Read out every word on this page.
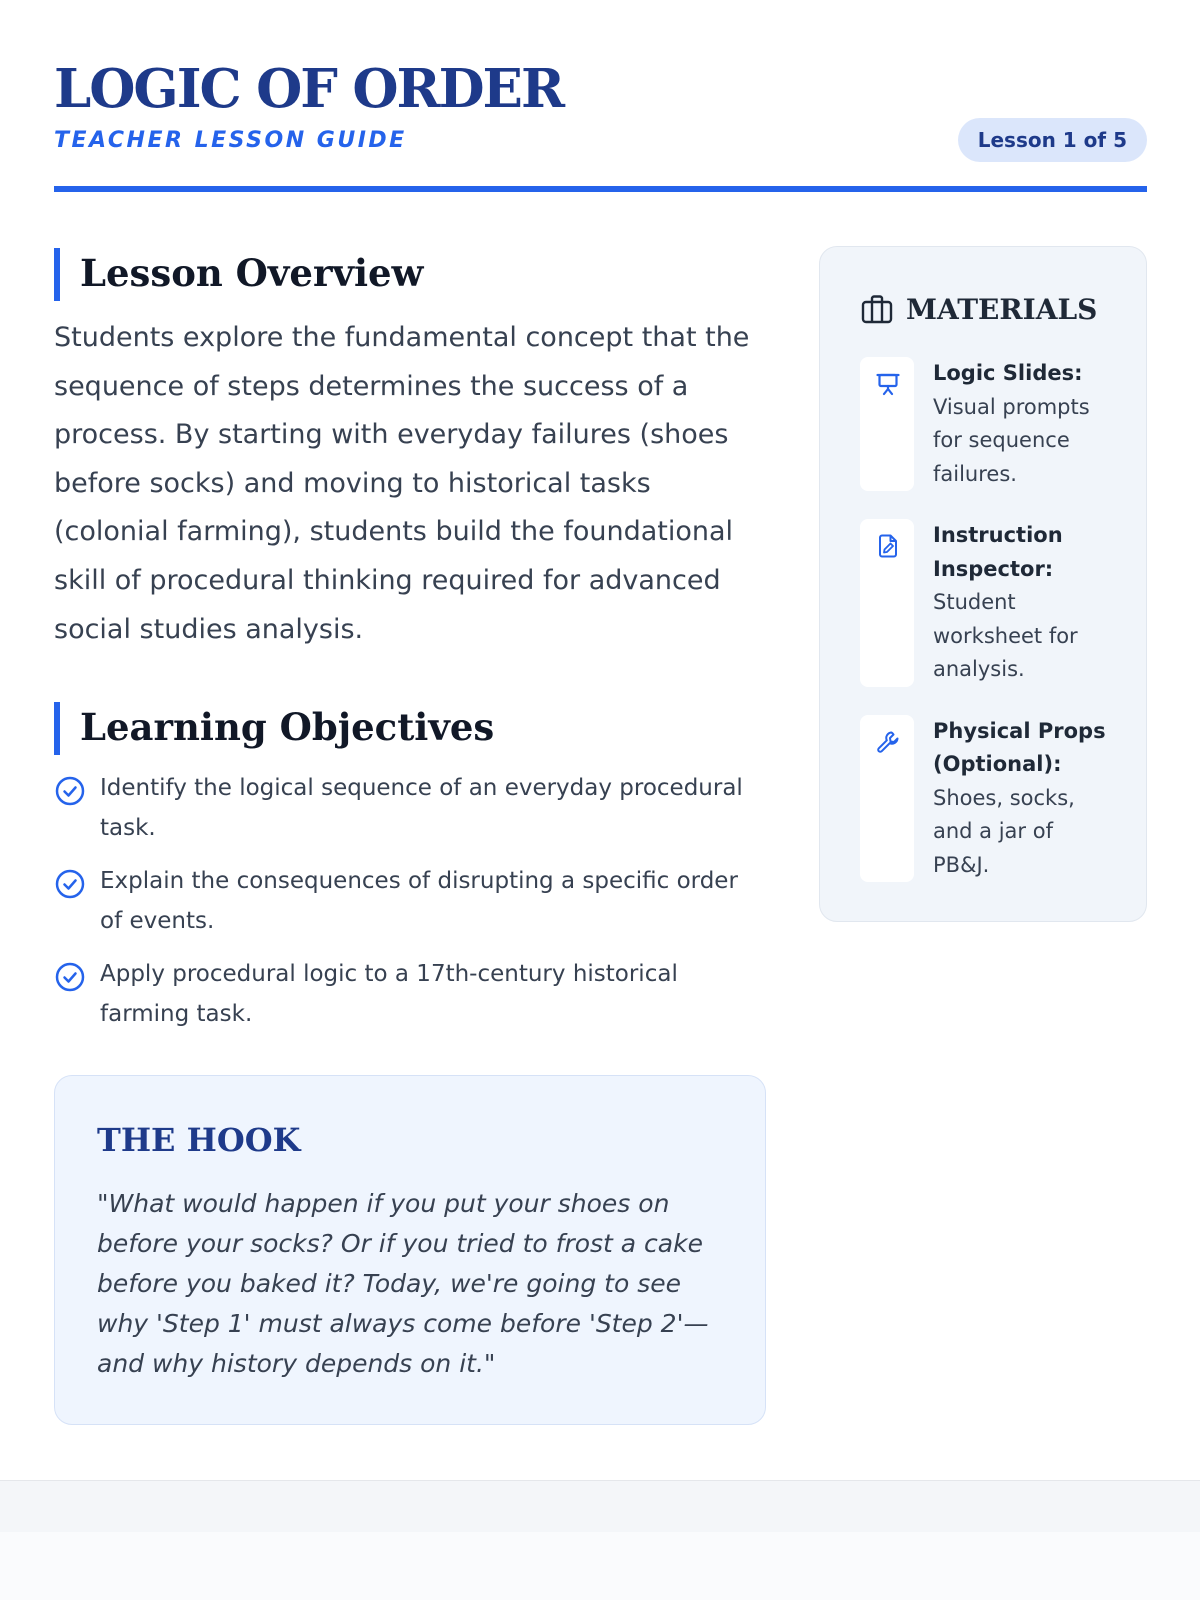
LOGIC OF ORDER
TEACHER LESSON GUIDE	Lesson 1 of 5
Lesson Overview

Students explore the fundamental concept that the sequence of steps determines the success of a process. By starting with everyday failures (shoes before socks) and moving to historical tasks (colonial farming), students build the foundational skill of procedural thinking required for advanced social studies analysis.

Learning Objectives
Identify the logical sequence of an everyday procedural task.
Explain the consequences of disrupting a specific order of events.
Apply procedural logic to a 17th-century historical farming task.
THE HOOK

"What would happen if you put your shoes on before your socks? Or if you tried to frost a cake before you baked it? Today, we're going to see why 'Step 1' must always come before 'Step 2'—and why history depends on it."

MATERIALS
Logic Slides:
Visual prompts for sequence failures.
Instruction Inspector:
Student worksheet for analysis.
Physical Props (Optional):
Shoes, socks, and a jar of PB&J.
